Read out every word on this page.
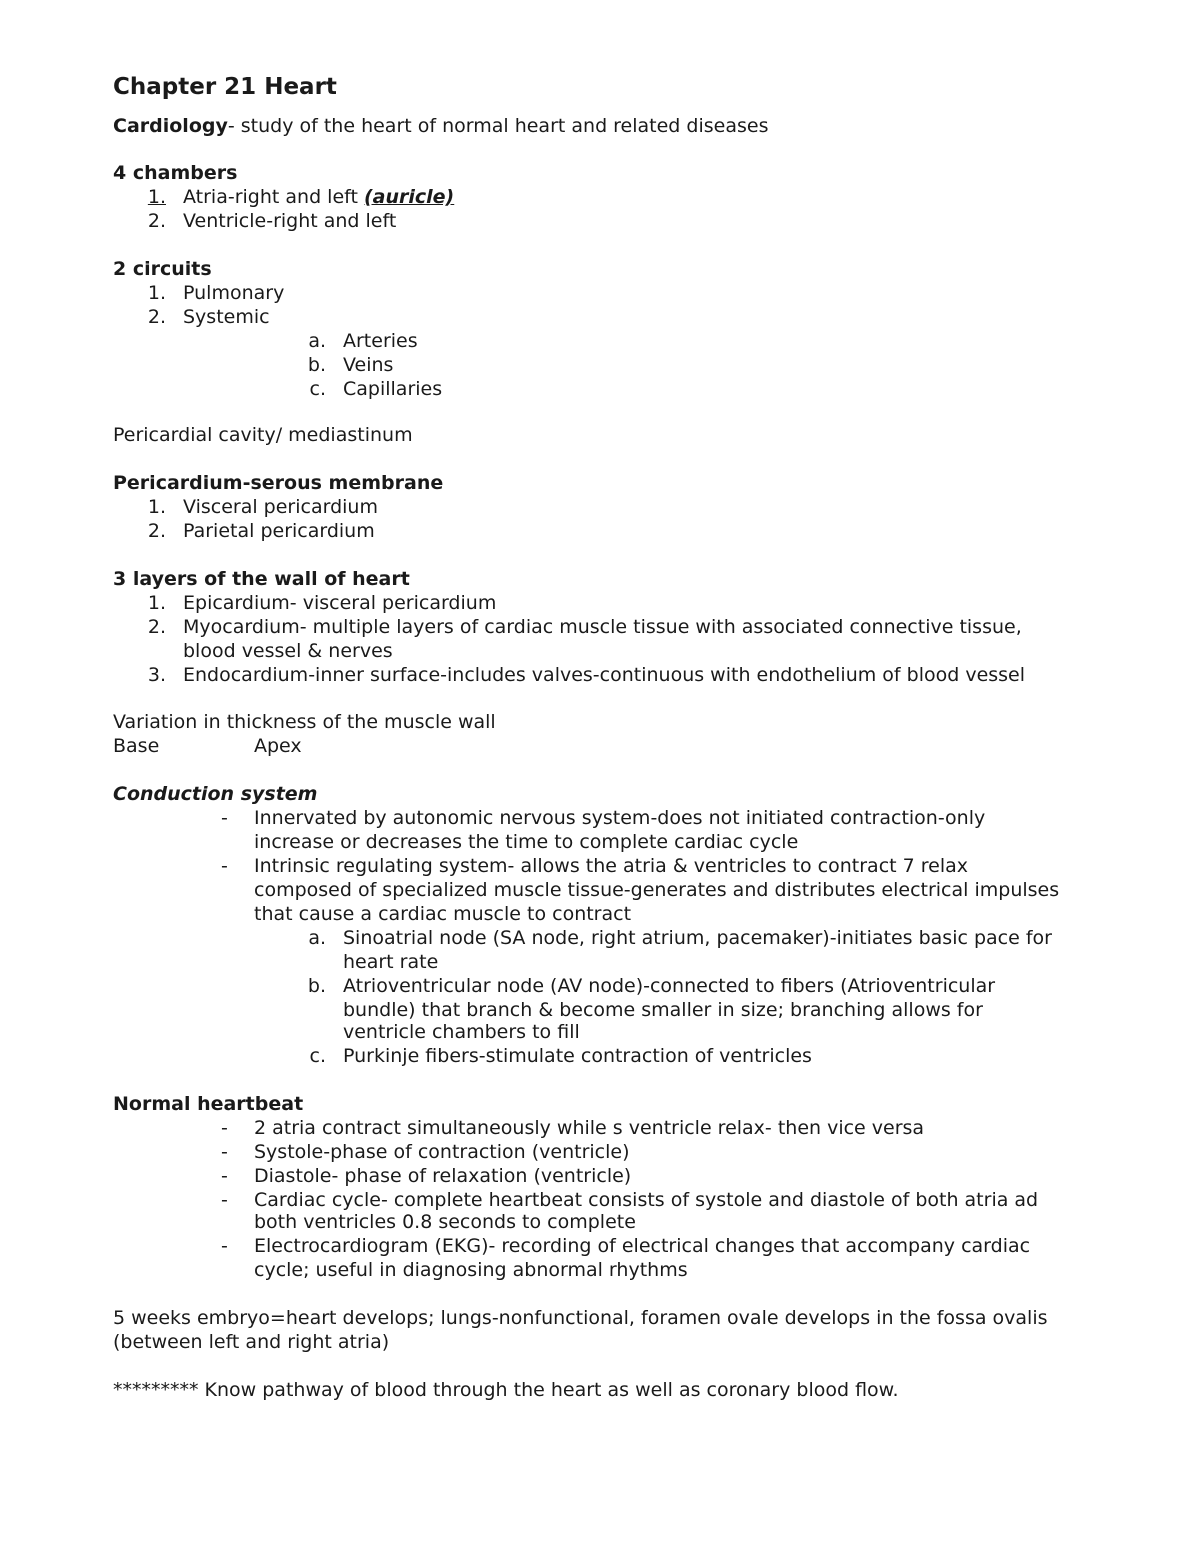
Chapter 21 Heart
Cardiology- study of the heart of normal heart and related diseases
4 chambers
1. Atria-right and left (auricle)
2. Ventricle-right and left
2 circuits
1. Pulmonary
2. Systemic
a. Arteries
b. Veins
c. Capillaries
Pericardial cavity/ mediastinum
Pericardium-serous membrane
1. Visceral pericardium
2. Parietal pericardium
3 layers of the wall of heart
1. Epicardium- visceral pericardium
2. Myocardium- multiple layers of cardiac muscle tissue with associated connective tissue,
blood vessel & nerves
3. Endocardium-inner surface-includes valves-continuous with endothelium of blood vessel
Variation in thickness of the muscle wall
Base	Apex
Conduction system
- Innervated by autonomic nervous system-does not initiated contraction-only
increase or decreases the time to complete cardiac cycle
- Intrinsic regulating system- allows the atria & ventricles to contract 7 relax
composed of specialized muscle tissue-generates and distributes electrical impulses
that cause a cardiac muscle to contract
a. Sinoatrial node (SA node, right atrium, pacemaker)-initiates basic pace for
heart rate
b. Atrioventricular node (AV node)-connected to fibers (Atrioventricular
bundle) that branch & become smaller in size; branching allows for
ventricle chambers to fill
c. Purkinje fibers-stimulate contraction of ventricles
Normal heartbeat
- 2 atria contract simultaneously while s ventricle relax- then vice versa
- Systole-phase of contraction (ventricle)
- Diastole- phase of relaxation (ventricle)
- Cardiac cycle- complete heartbeat consists of systole and diastole of both atria ad
both ventricles 0.8 seconds to complete
- Electrocardiogram (EKG)- recording of electrical changes that accompany cardiac
cycle; useful in diagnosing abnormal rhythms
5 weeks embryo=heart develops; lungs-nonfunctional, foramen ovale develops in the fossa ovalis
(between left and right atria)
********* Know pathway of blood through the heart as well as coronary blood flow.
